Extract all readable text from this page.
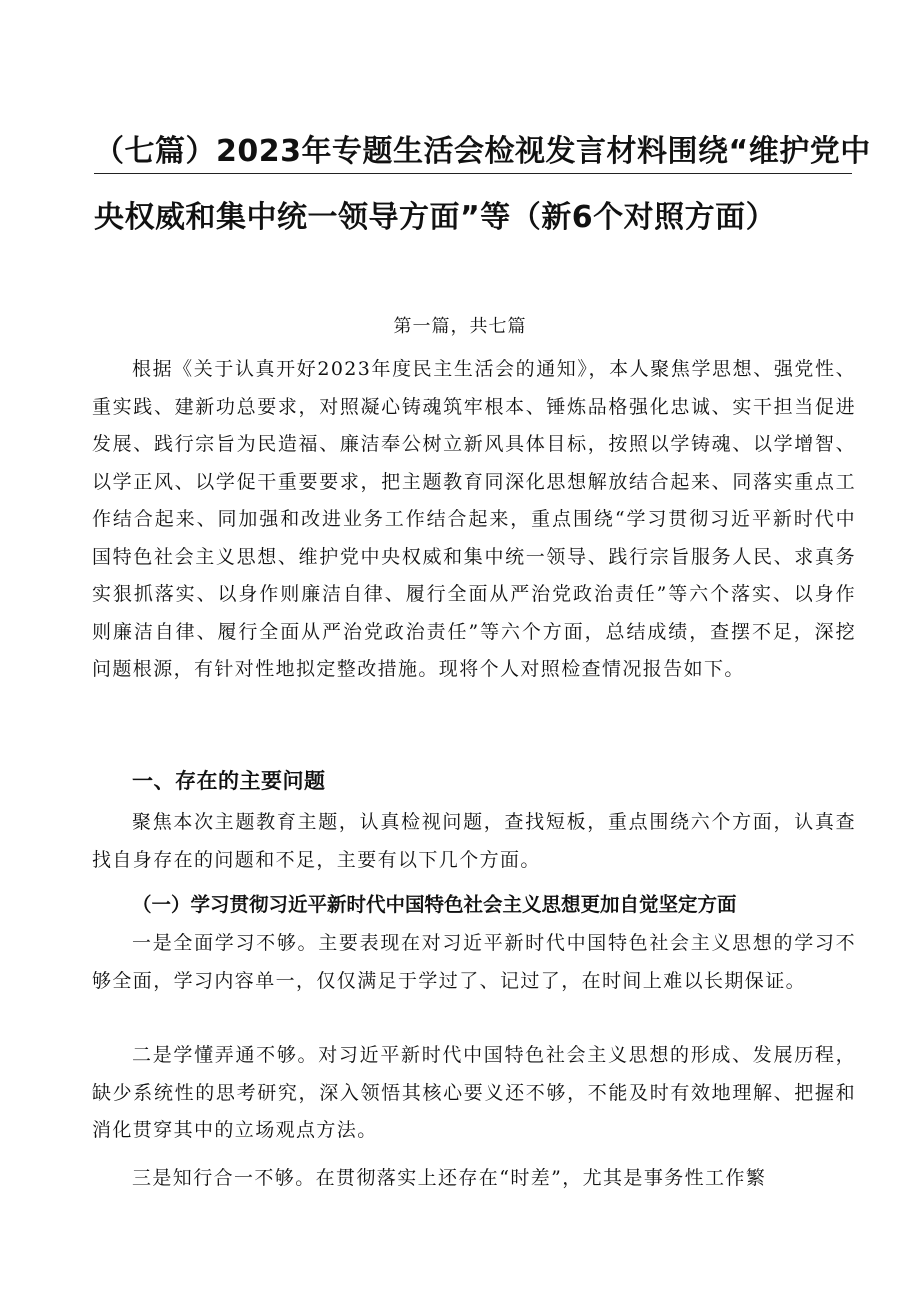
（七篇）2023年专题生活会检视发言材料围绕“维护党中
央权威和集中统一领导方面”等（新6个对照方面）
第一篇，共七篇

根据《关于认真开好2023年度民主生活会的通知》，本人聚焦学思想、强党性、重实践、建新功总要求，对照凝心铸魂筑牢根本、锤炼品格强化忠诚、实干担当促进发展、践行宗旨为民造福、廉洁奉公树立新风具体目标，按照以学铸魂、以学增智、以学正风、以学促干重要要求，把主题教育同深化思想解放结合起来、同落实重点工作结合起来、同加强和改进业务工作结合起来，重点围绕“学习贯彻习近平新时代中国特色社会主义思想、维护党中央权威和集中统一领导、践行宗旨服务人民、求真务实狠抓落实、以身作则廉洁自律、履行全面从严治党政治责任”等六个落实、以身作则廉洁自律、履行全面从严治党政治责任”等六个方面，总结成绩，查摆不足，深挖问题根源，有针对性地拟定整改措施。现将个人对照检查情况报告如下。

一、存在的主要问题

聚焦本次主题教育主题，认真检视问题，查找短板，重点围绕六个方面，认真查找自身存在的问题和不足，主要有以下几个方面。

（一）学习贯彻习近平新时代中国特色社会主义思想更加自觉坚定方面

一是全面学习不够。主要表现在对习近平新时代中国特色社会主义思想的学习不够全面，学习内容单一，仅仅满足于学过了、记过了，在时间上难以长期保证。

二是学懂弄通不够。对习近平新时代中国特色社会主义思想的形成、发展历程，缺少系统性的思考研究，深入领悟其核心要义还不够，不能及时有效地理解、把握和消化贯穿其中的立场观点方法。

三是知行合一不够。在贯彻落实上还存在“时差”，尤其是事务性工作繁
